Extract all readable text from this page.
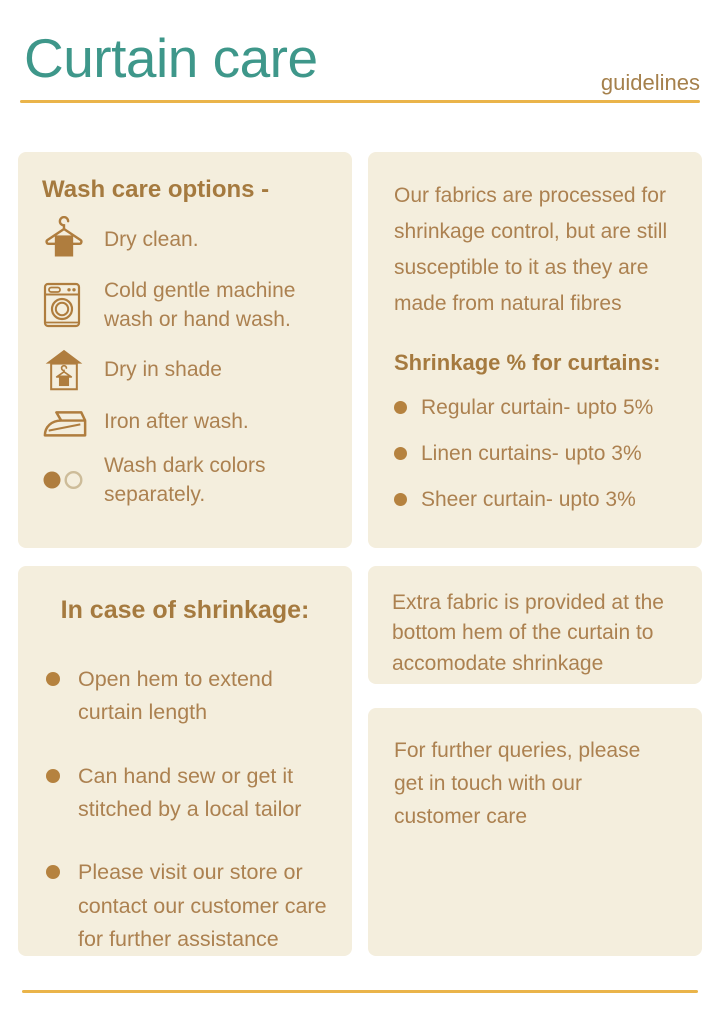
Curtain care	guidelines
Wash care options -
Dry clean.
Cold gentle machine wash or hand wash.
Dry in shade
Iron after wash.
Wash dark colors separately.

Our fabrics are processed for shrinkage control, but are still susceptible to it as they are made from natural fibres

Shrinkage % for curtains:
Regular curtain- upto 5%
Linen curtains- upto 3%
Sheer curtain- upto 3%
In case of shrinkage:
Open hem to extend curtain length
Can hand sew or get it stitched by a local tailor
Please visit our store or contact our customer care for further assistance

Extra fabric is provided at the bottom hem of the curtain to accomodate shrinkage

For further queries, please get in touch with our customer care
